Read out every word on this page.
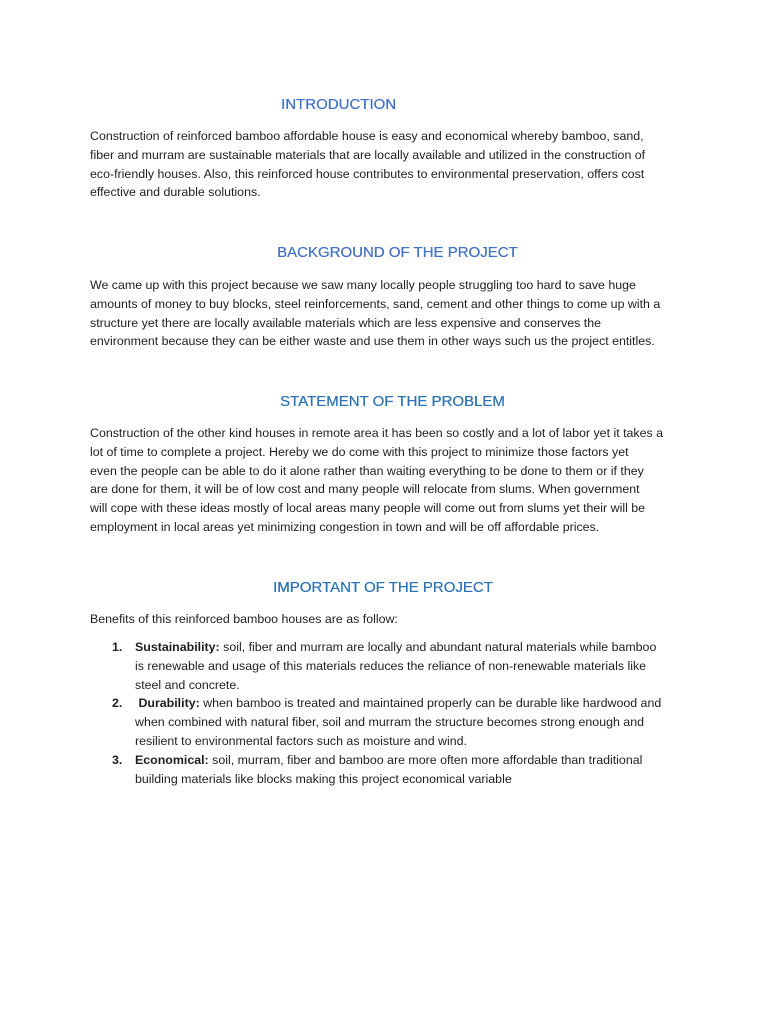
INTRODUCTION

Construction of reinforced bamboo affordable house is easy and economical whereby bamboo, sand,
fiber and murram are sustainable materials that are locally available and utilized in the construction of
eco-friendly houses. Also, this reinforced house contributes to environmental preservation, offers cost
effective and durable solutions.

BACKGROUND OF THE PROJECT

We came up with this project because we saw many locally people struggling too hard to save huge
amounts of money to buy blocks, steel reinforcements, sand, cement and other things to come up with a
structure yet there are locally available materials which are less expensive and conserves the
environment because they can be either waste and use them in other ways such us the project entitles.

STATEMENT OF THE PROBLEM

Construction of the other kind houses in remote area it has been so costly and a lot of labor yet it takes a
lot of time to complete a project. Hereby we do come with this project to minimize those factors yet
even the people can be able to do it alone rather than waiting everything to be done to them or if they
are done for them, it will be of low cost and many people will relocate from slums. When government
will cope with these ideas mostly of local areas many people will come out from slums yet their will be
employment in local areas yet minimizing congestion in town and will be off affordable prices.

IMPORTANT OF THE PROJECT

Benefits of this reinforced bamboo houses are as follow:

1. Sustainability: soil, fiber and murram are locally and abundant natural materials while bamboo
is renewable and usage of this materials reduces the reliance of non-renewable materials like
steel and concrete.
2. Durability: when bamboo is treated and maintained properly can be durable like hardwood and
when combined with natural fiber, soil and murram the structure becomes strong enough and
resilient to environmental factors such as moisture and wind.
3. Economical: soil, murram, fiber and bamboo are more often more affordable than traditional
building materials like blocks making this project economical variable
